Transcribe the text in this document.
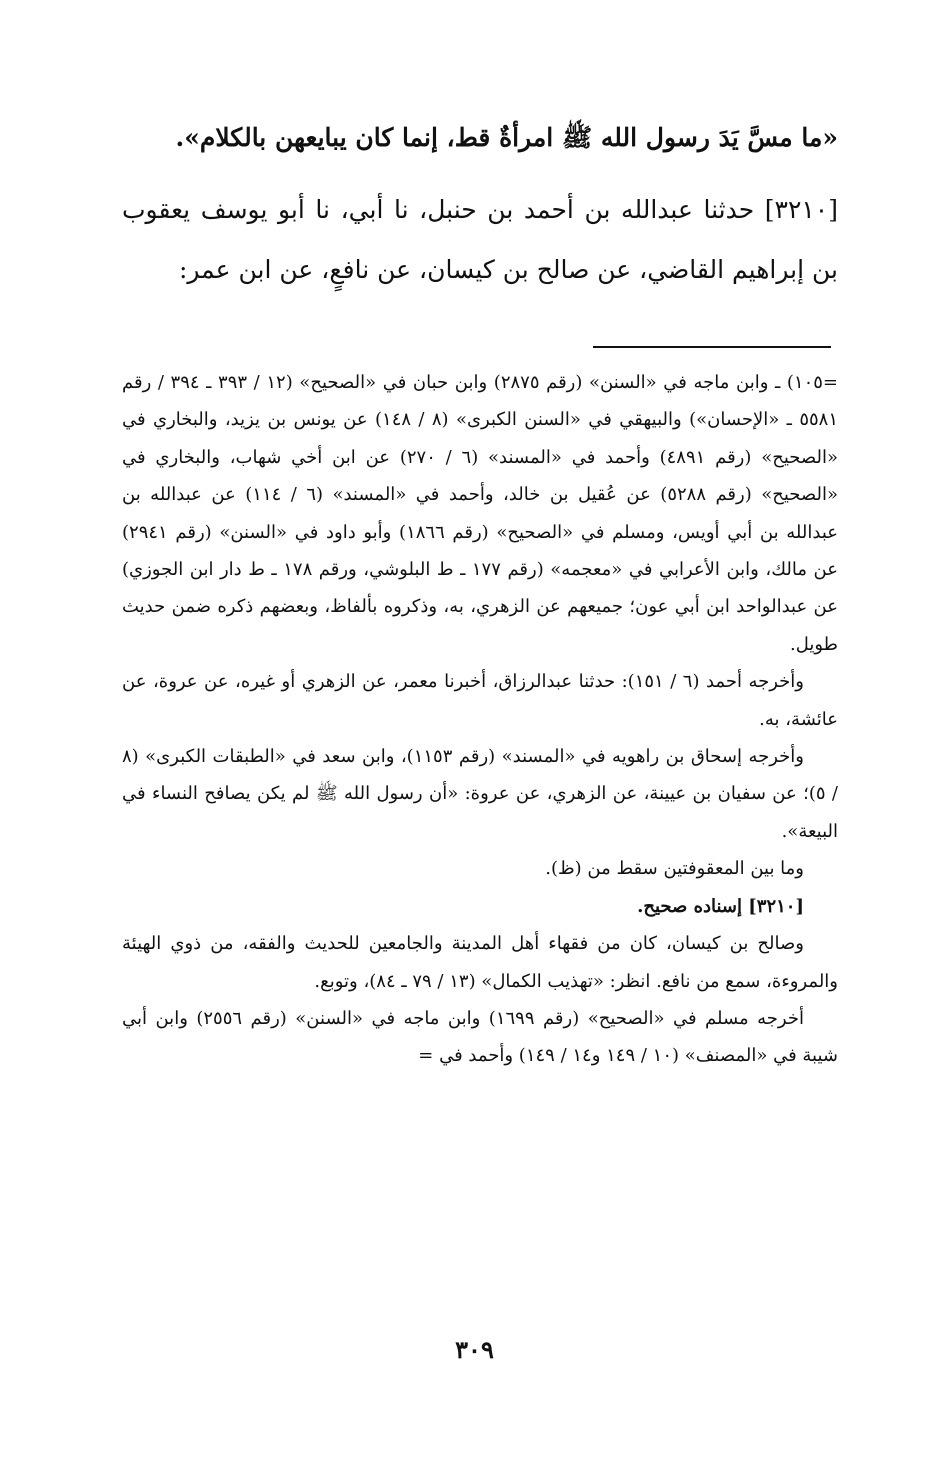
«ما مسَّ يَدَ رسول الله ﷺ امرأةٌ قط، إنما كان يبايعهن بالكلام».

[٣٢١٠] حدثنا عبدالله بن أحمد بن حنبل، نا أبي، نا أبو يوسف يعقوب بن إبراهيم القاضي، عن صالح بن كيسان، عن نافعٍ، عن ابن عمر:

=١٠٥) ـ وابن ماجه في «السنن» (رقم ٢٨٧٥) وابن حبان في «الصحيح» (١٢ / ٣٩٣ ـ ٣٩٤ / رقم ٥٥٨١ ـ «الإحسان») والبيهقي في «السنن الكبرى» (٨ / ١٤٨) عن يونس بن يزيد، والبخاري في «الصحيح» (رقم ٤٨٩١) وأحمد في «المسند» (٦ / ٢٧٠) عن ابن أخي شهاب، والبخاري في «الصحيح» (رقم ٥٢٨٨) عن عُقيل بن خالد، وأحمد في «المسند» (٦ / ١١٤) عن عبدالله بن عبدالله بن أبي أويس، ومسلم في «الصحيح» (رقم ١٨٦٦) وأبو داود في «السنن» (رقم ٢٩٤١) عن مالك، وابن الأعرابي في «معجمه» (رقم ١٧٧ ـ ط البلوشي، ورقم ١٧٨ ـ ط دار ابن الجوزي) عن عبدالواحد ابن أبي عون؛ جميعهم عن الزهري، به، وذكروه بألفاظ، وبعضهم ذكره ضمن حديث طويل.

وأخرجه أحمد (٦ / ١٥١): حدثنا عبدالرزاق، أخبرنا معمر، عن الزهري أو غيره، عن عروة، عن عائشة، به.

وأخرجه إسحاق بن راهويه في «المسند» (رقم ١١٥٣)، وابن سعد في «الطبقات الكبرى» (٨ / ٥)؛ عن سفيان بن عيينة، عن الزهري، عن عروة: «أن رسول الله ﷺ لم يكن يصافح النساء في البيعة».

وما بين المعقوفتين سقط من (ظ).

[٣٢١٠] إسناده صحيح.

وصالح بن كيسان، كان من فقهاء أهل المدينة والجامعين للحديث والفقه، من ذوي الهيئة والمروءة، سمع من نافع. انظر: «تهذيب الكمال» (١٣ / ٧٩ ـ ٨٤)، وتوبع.

أخرجه مسلم في «الصحيح» (رقم ١٦٩٩) وابن ماجه في «السنن» (رقم ٢٥٥٦) وابن أبي شيبة في «المصنف» (١٠ / ١٤٩ و١٤ / ١٤٩) وأحمد في =

٣٠٩
